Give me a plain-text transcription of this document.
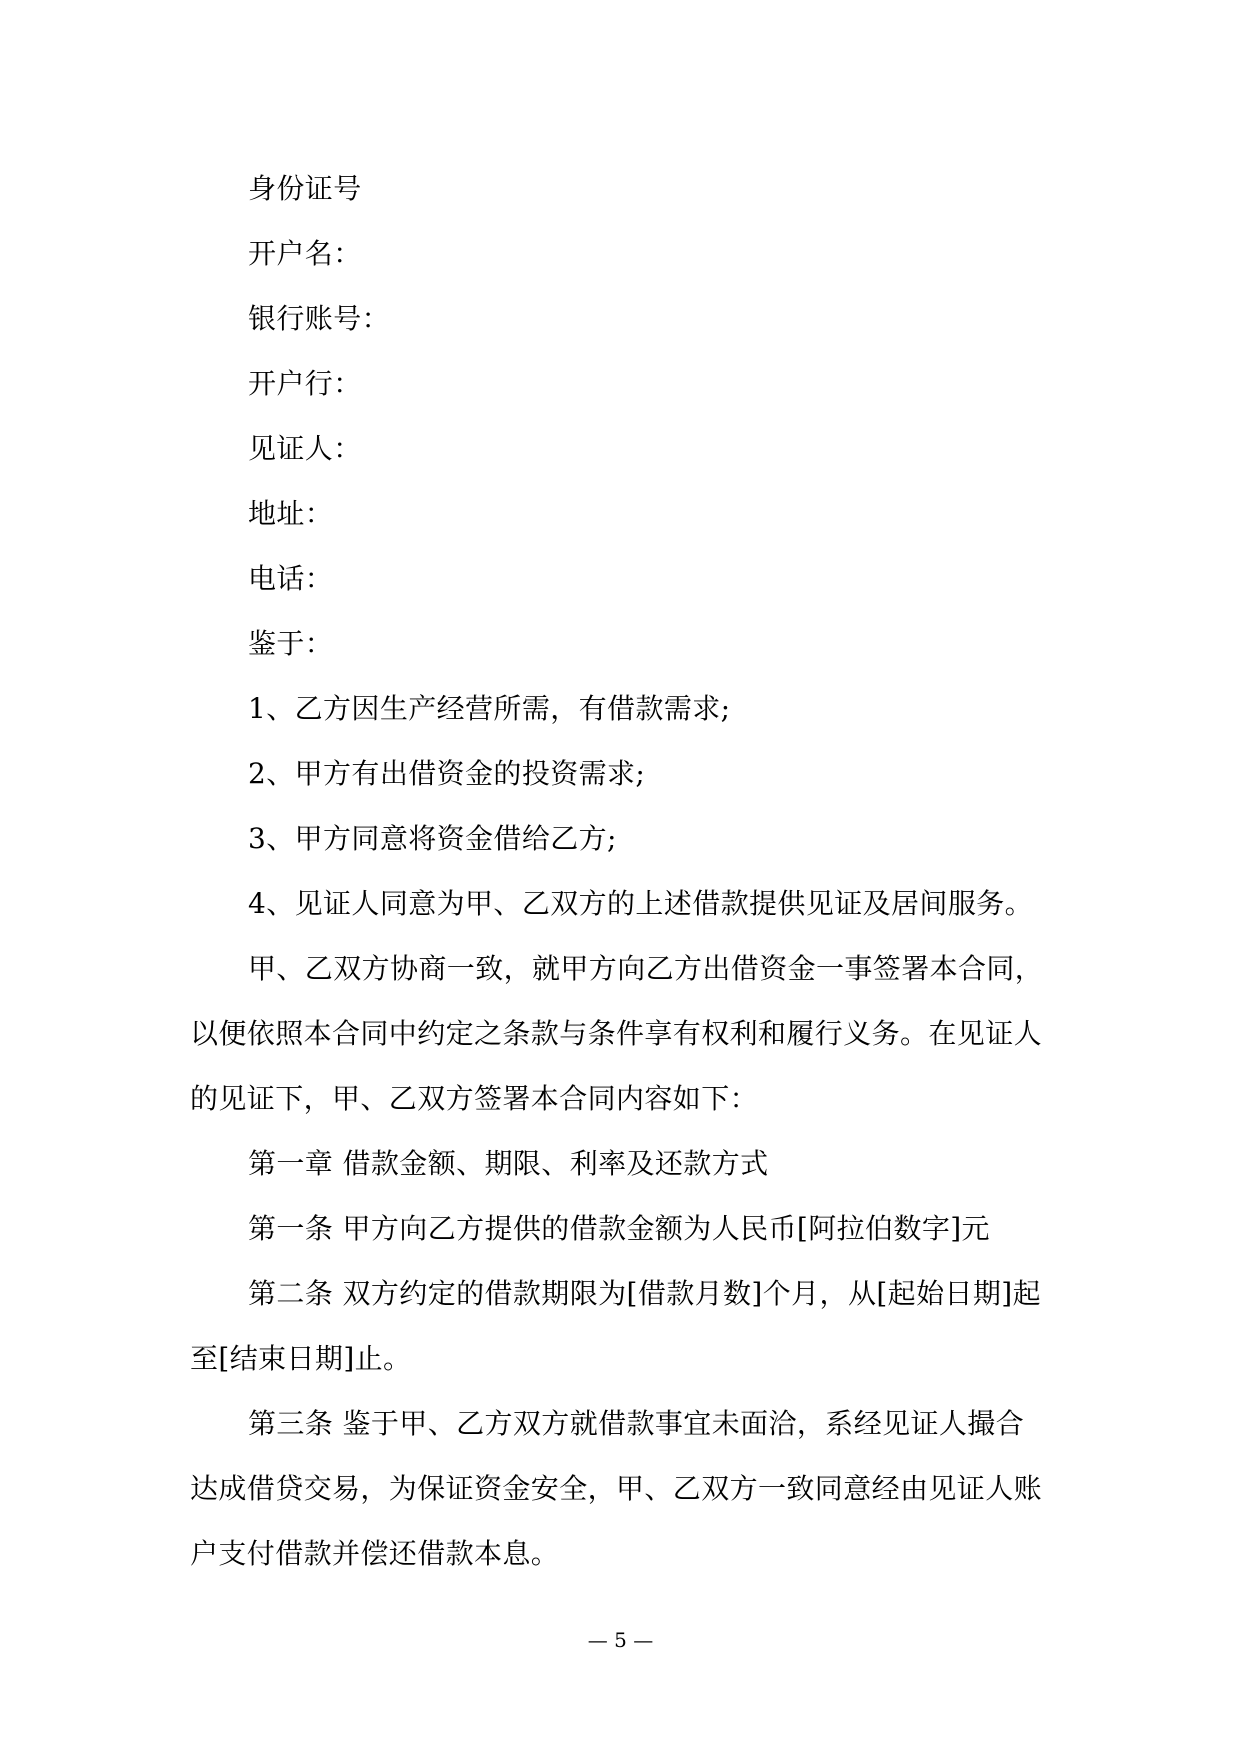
身份证号
开户名：
银行账号：
开户行：
见证人：
地址：
电话：
鉴于：
1、乙方因生产经营所需，有借款需求;
2、甲方有出借资金的投资需求;
3、甲方同意将资金借给乙方;
4、见证人同意为甲、乙双方的上述借款提供见证及居间服务。
甲、乙双方协商一致，就甲方向乙方出借资金一事签署本合同，
以便依照本合同中约定之条款与条件享有权利和履行义务。在见证人
的见证下，甲、乙双方签署本合同内容如下：
第一章 借款金额、期限、利率及还款方式
第一条 甲方向乙方提供的借款金额为人民币[阿拉伯数字]元
第二条 双方约定的借款期限为[借款月数]个月，从[起始日期]起
至[结束日期]止。
第三条 鉴于甲、乙方双方就借款事宜未面洽，系经见证人撮合
达成借贷交易，为保证资金安全，甲、乙双方一致同意经由见证人账
户支付借款并偿还借款本息。
— 5 —
